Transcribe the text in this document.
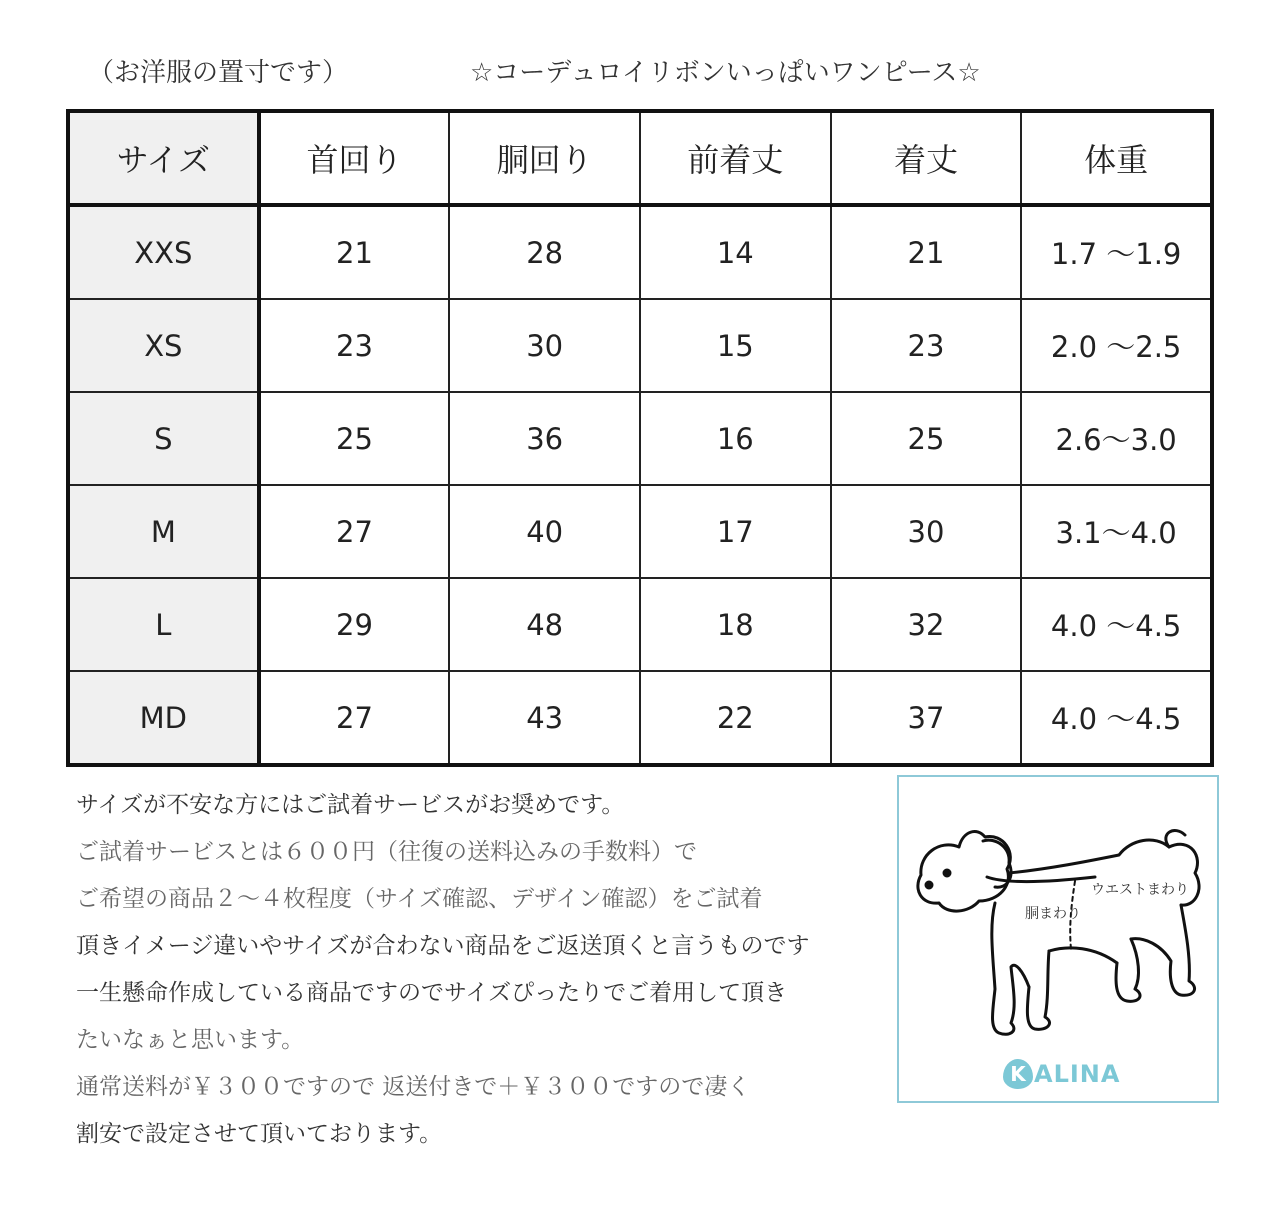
（お洋服の置寸です）	☆コーデュロイリボンいっぱいワンピース☆
サイズ	首回り	胴回り	前着丈	着丈	体重
XXS	21	28	14	21	1.7 ～1.9
XS	23	30	15	23	2.0 ～2.5
S	25	36	16	25	2.6～3.0
M	27	40	17	30	3.1～4.0
L	29	48	18	32	4.0 ～4.5
MD	27	43	22	37	4.0 ～4.5
サイズが不安な方にはご試着サービスがお奨めです。
ご試着サービスとは６００円（往復の送料込みの手数料）で
ご希望の商品２～４枚程度（サイズ確認、デザイン確認）をご試着
頂きイメージ違いやサイズが合わない商品をご返送頂くと言うものです
一生懸命作成している商品ですのでサイズぴったりでご着用して頂き
たいなぁと思います。
通常送料が￥３００ですので 返送付きで＋￥３００ですので凄く
割安で設定させて頂いております。
ウエストまわり
胴まわり
K ALINA
